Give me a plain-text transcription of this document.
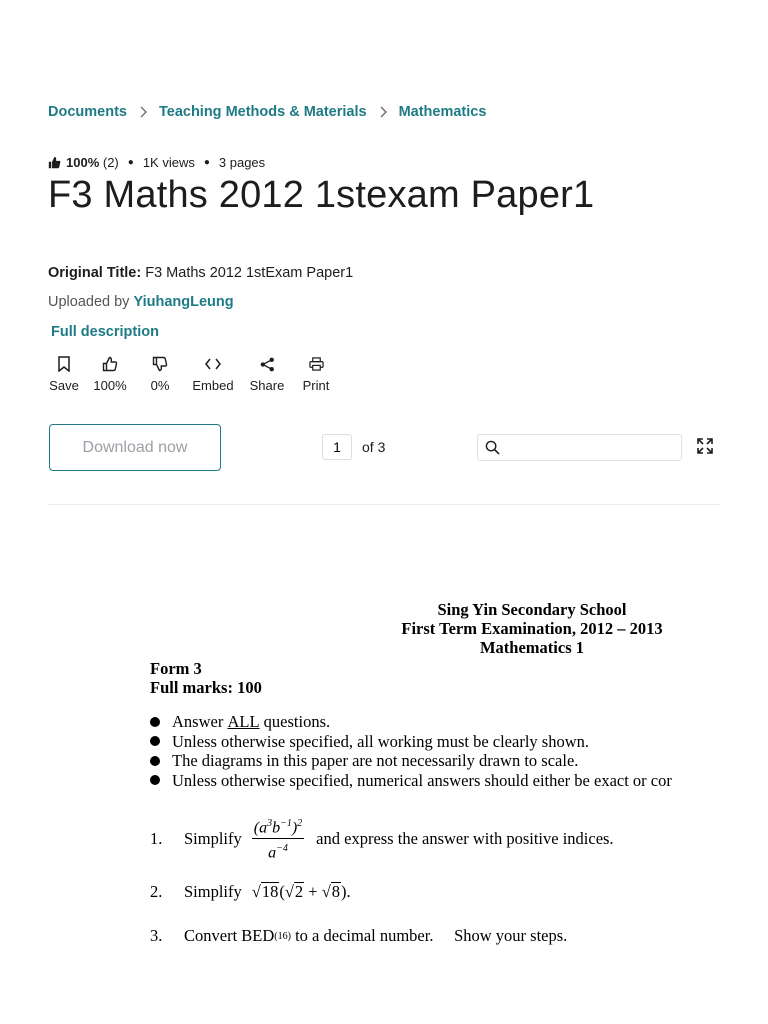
Documents Teaching Methods & Materials Mathematics
100%
(2) ● 1K views ● 3 pages
F3 Maths 2012 1stexam Paper1
Original Title: F3 Maths 2012 1stExam Paper1
Uploaded by YiuhangLeung
Full description
Save 100% 0% Embed Share Print
Download now
1	of 3
Sing Yin Secondary School
First Term Examination, 2012 – 2013
Mathematics 1
Form 3
Full marks: 100
Answer
ALL
questions.
Unless otherwise specified, all working must be clearly shown.
The diagrams in this paper are not necessarily drawn to scale.
Unless otherwise specified, numerical answers should either be exact or cor
1.	Simplify $\frac{(a^3b^{-1})^2}{a^{-4}}$ and express the answer with positive indices.
2.	Simplify √18(√2 + √8).
3.	Convert BED (16)
to a decimal number.  Show your steps.
